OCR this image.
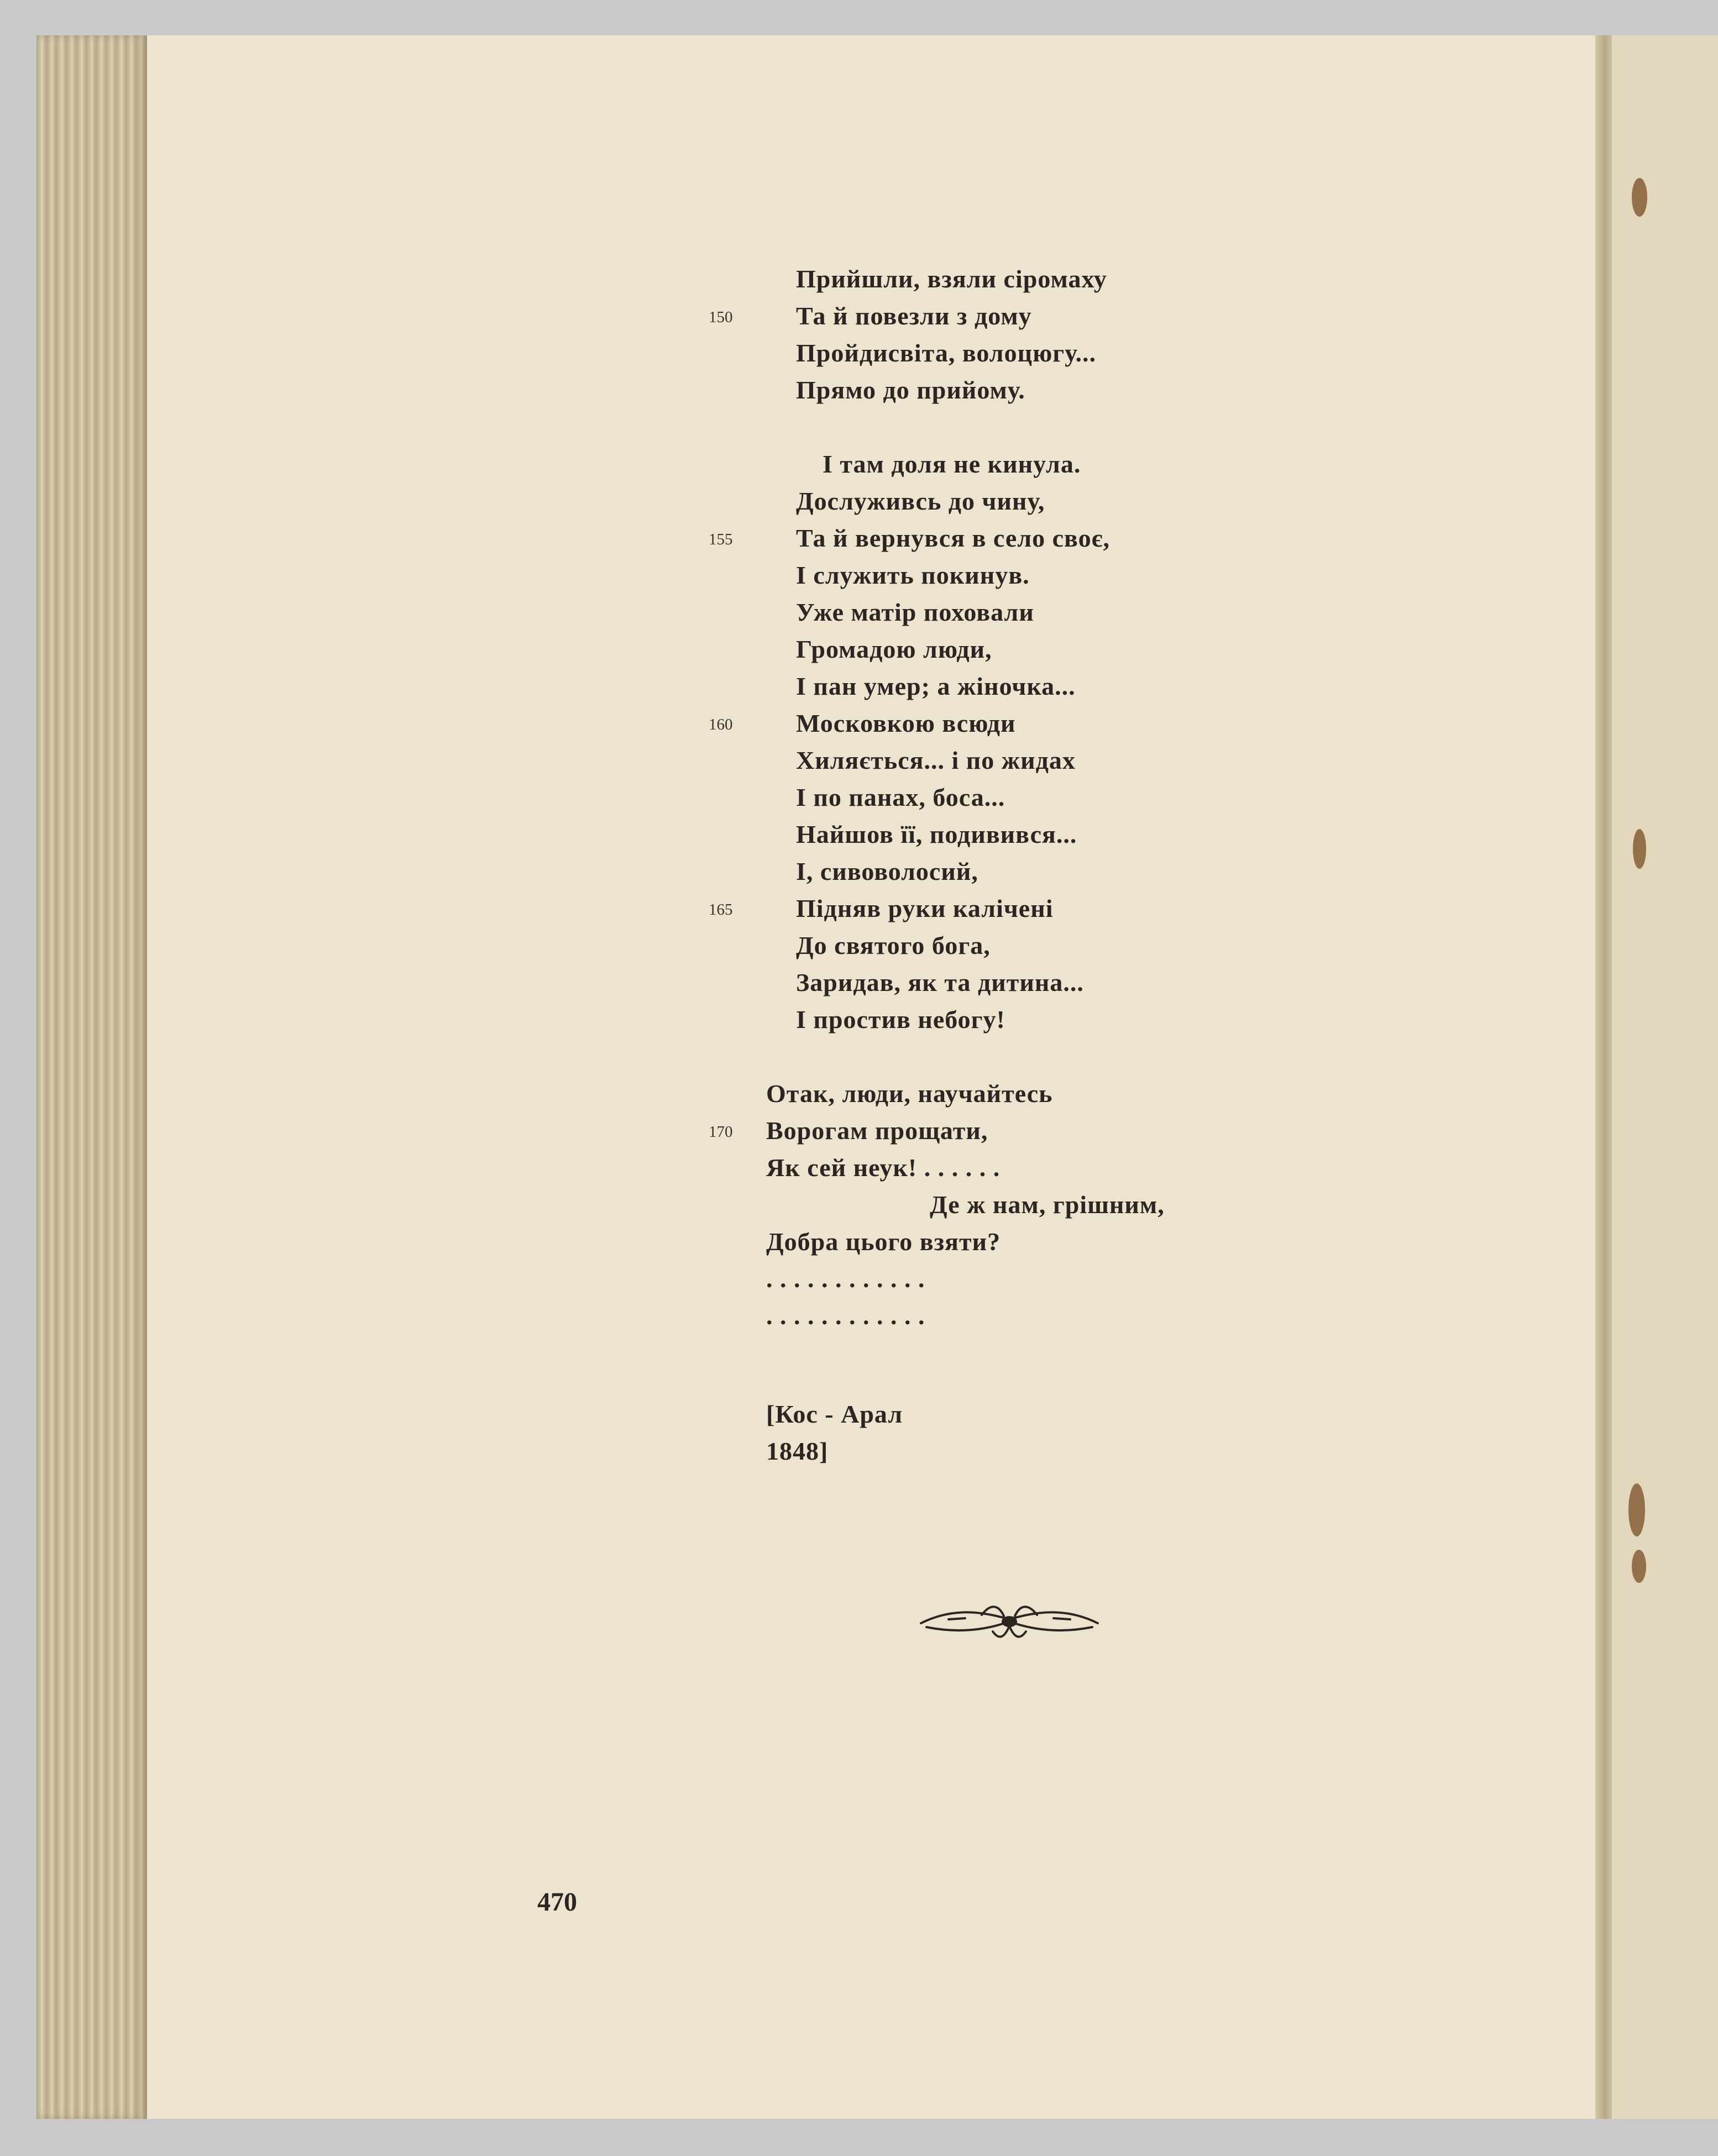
Прийшли, взяли сіромаху
Та й повезли з дому
Пройдисвіта, волоцюгу...
Прямо до прийому.
І там доля не кинула.
Дослуживсь до чину,
Та й вернувся в село своє,
І служить покинув.
Уже матір поховали
Громадою люди,
І пан умер; а жіночка...
Московкою всюди
Хиляється... і по жидах
І по панах, боса...
Найшов її, подивився...
І, сивоволосий,
Підняв руки калічені
До святого бога,
Заридав, як та дитина...
І простив небогу!
Отак, люди, научайтесь
Ворогам прощати,
Як сей неук! . . . . . .
Де ж нам, грішним,
Добра цього взяти?
. . . . . . . . . . . .
. . . . . . . . . . . .
[Кос - Арал
1848]
150
155
160
165
170
470
